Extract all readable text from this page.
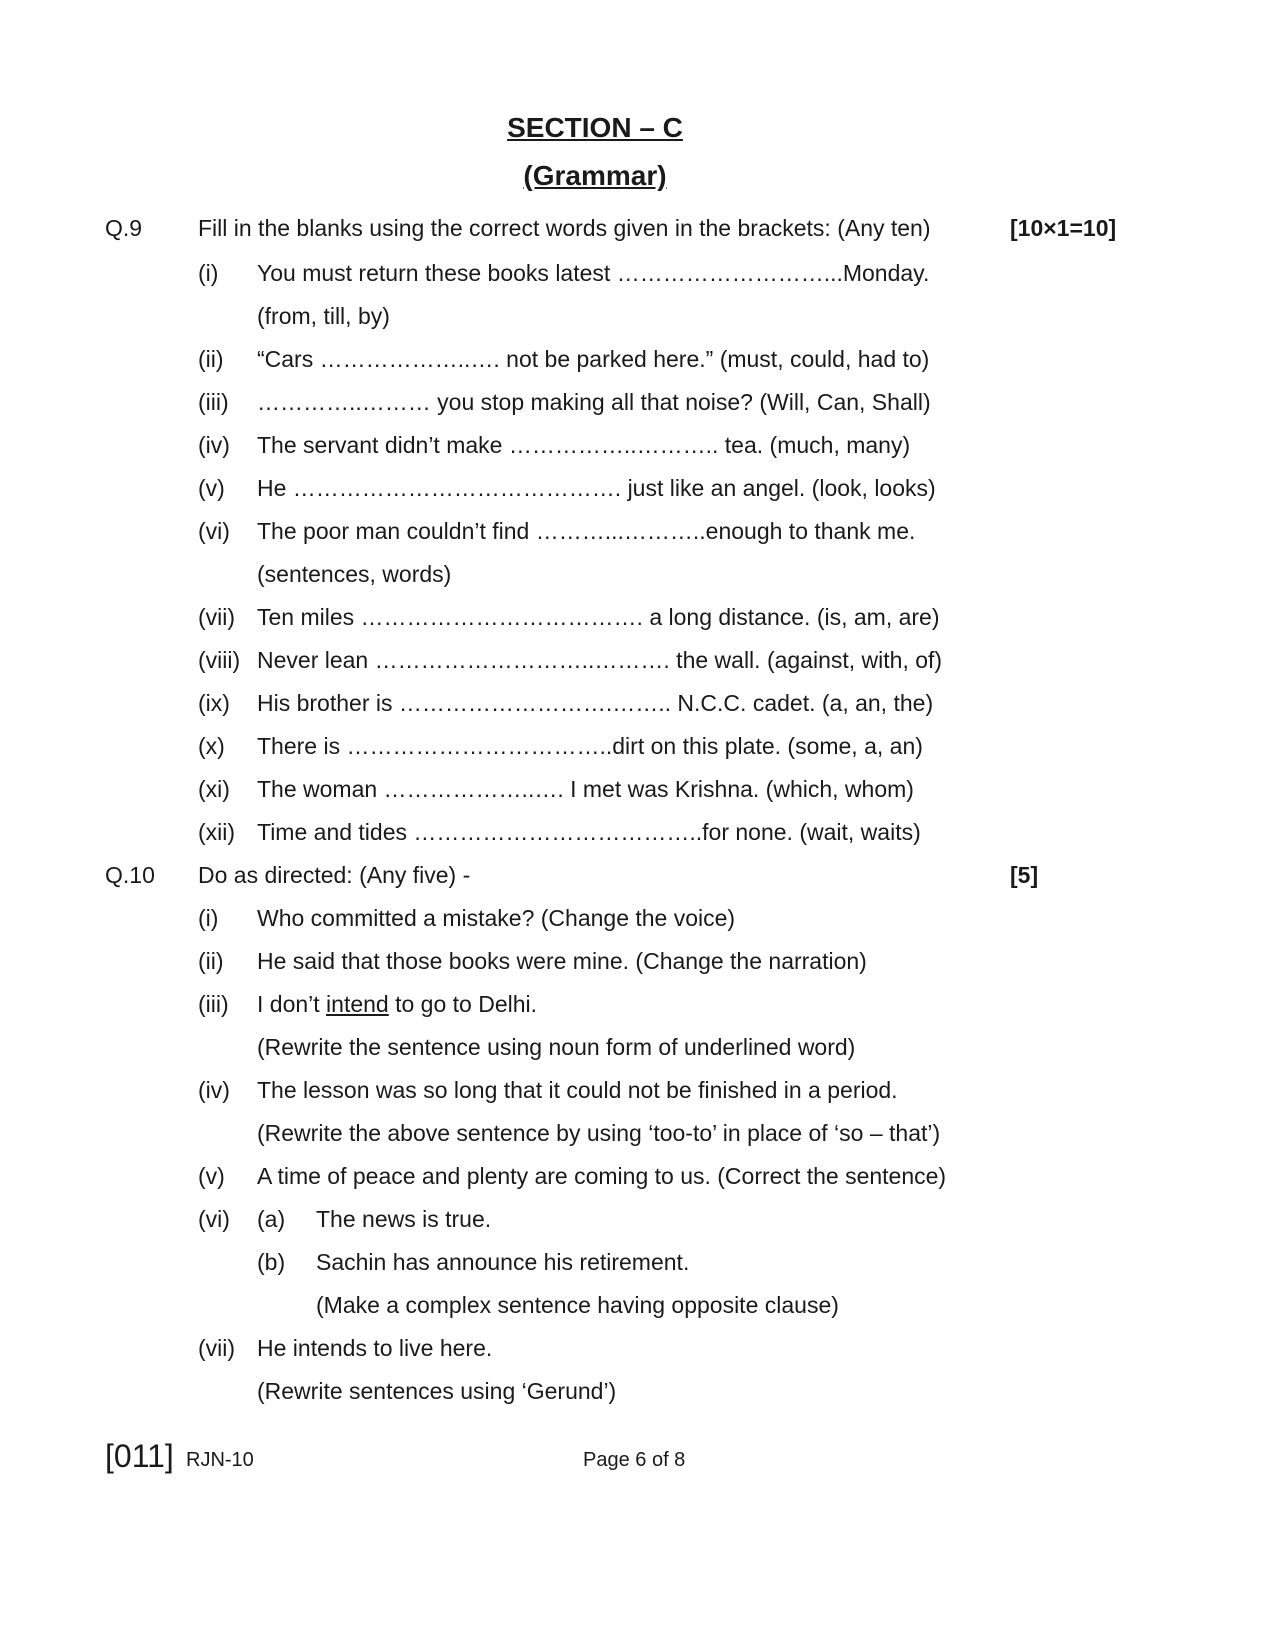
SECTION – C
(Grammar)
Q.9 Fill in the blanks using the correct words given in the brackets: (Any ten)	[10×1=10]
(i) You must return these books latest ………………………...Monday.
(from, till, by)
(ii) “Cars ………………..…. not be parked here.” (must, could, had to)
(iii) …………..……… you stop making all that noise? (Will, Can, Shall)
(iv) The servant didn’t make ……………..……….. tea. (much, many)
(v) He ……………………………………. just like an angel. (look, looks)
(vi) The poor man couldn’t find ………...………..enough to thank me.
(sentences, words)
(vii) Ten miles ………………………………. a long distance. (is, am, are)
(viii) Never lean ………………………..………. the wall. (against, with, of)
(ix) His brother is ……………………….…….. N.C.C. cadet. (a, an, the)
(x) There is ……………………………..dirt on this plate. (some, a, an)
(xi) The woman ………………..…. I met was Krishna. (which, whom)
(xii) Time and tides ………………………………..for none. (wait, waits)
Q.10 Do as directed: (Any five) -	[5]
(i) Who committed a mistake? (Change the voice)
(ii) He said that those books were mine. (Change the narration)
(iii) I don’t intend to go to Delhi.
(Rewrite the sentence using noun form of underlined word)
(iv) The lesson was so long that it could not be finished in a period.
(Rewrite the above sentence by using ‘too-to’ in place of ‘so – that’)
(v) A time of peace and plenty are coming to us. (Correct the sentence)
(vi) (a) The news is true.
(b) Sachin has announce his retirement.
(Make a complex sentence having opposite clause)
(vii) He intends to live here.
(Rewrite sentences using ‘Gerund’)
[011] RJN-10	Page 6 of 8
